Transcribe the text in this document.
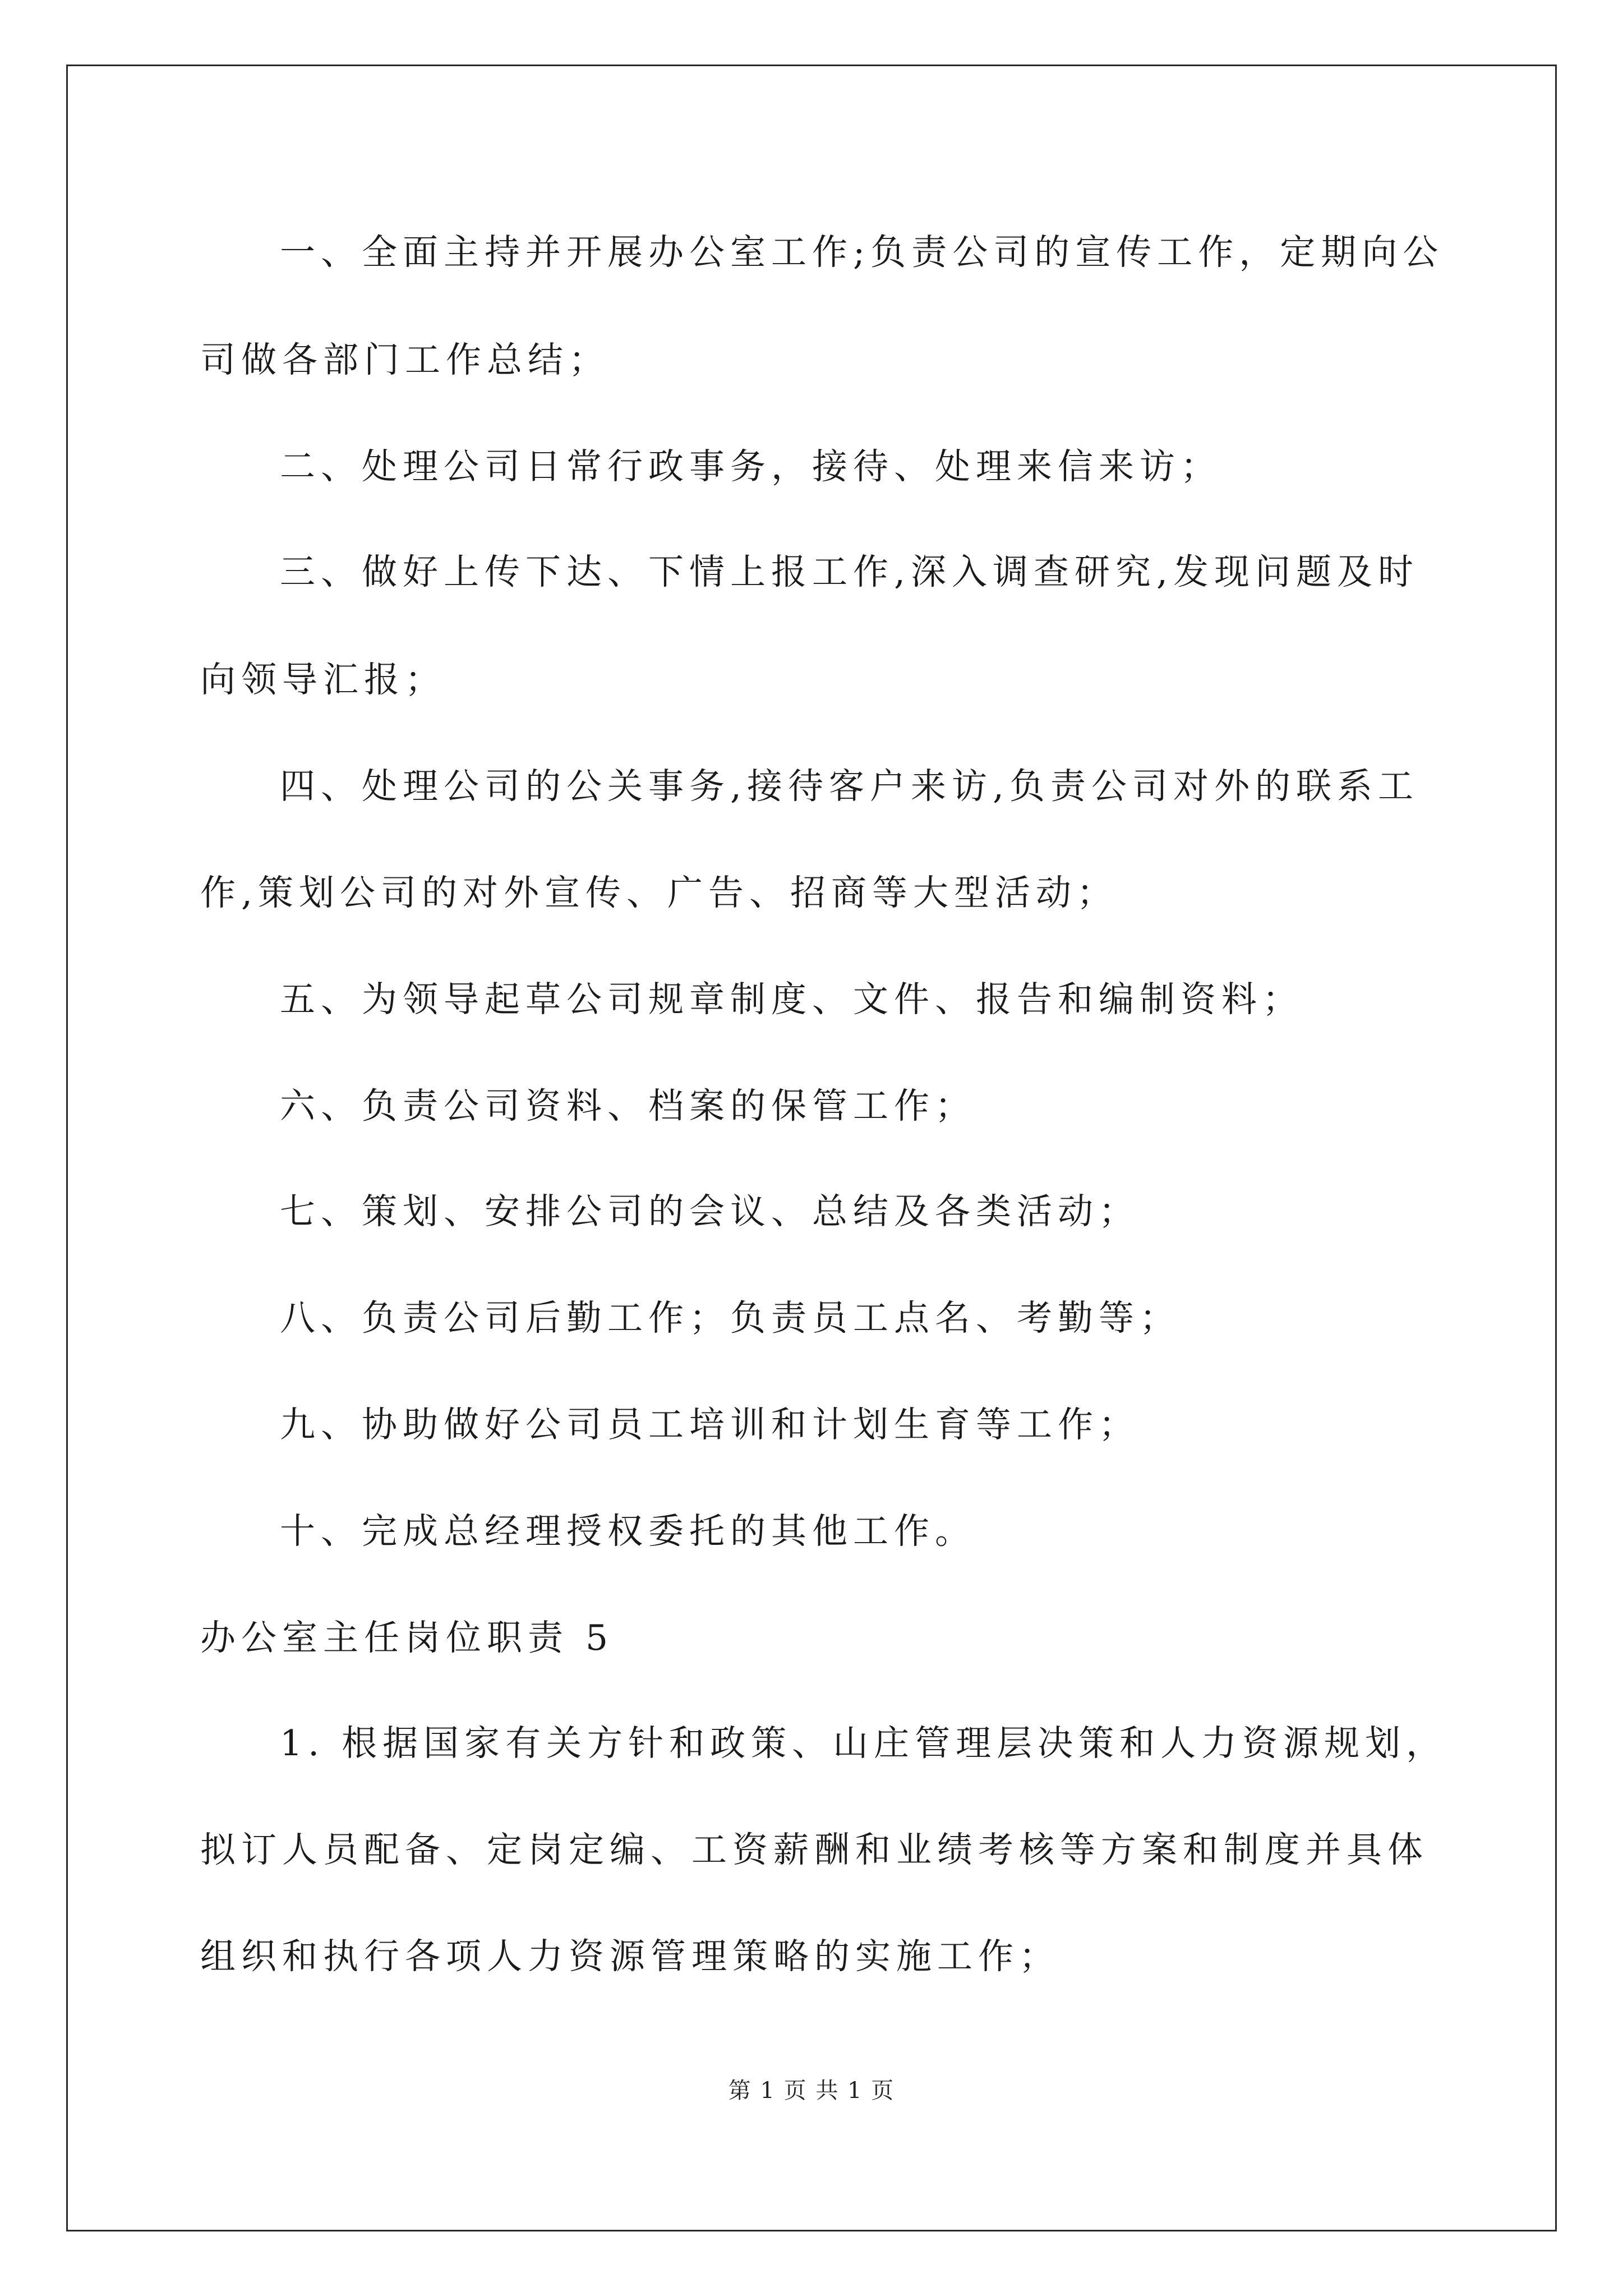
一、全面主持并开展办公室工作;负责公司的宣传工作，定期向公
司做各部门工作总结；
二、处理公司日常行政事务，接待、处理来信来访；
三、做好上传下达、下情上报工作,深入调查研究,发现问题及时
向领导汇报；
四、处理公司的公关事务,接待客户来访,负责公司对外的联系工
作,策划公司的对外宣传、广告、招商等大型活动；
五、为领导起草公司规章制度、文件、报告和编制资料；
六、负责公司资料、档案的保管工作；
七、策划、安排公司的会议、总结及各类活动；
八、负责公司后勤工作；负责员工点名、考勤等；
九、协助做好公司员工培训和计划生育等工作；
十、完成总经理授权委托的其他工作。
办公室主任岗位职责 5
1. 根据国家有关方针和政策、山庄管理层决策和人力资源规划，
拟订人员配备、定岗定编、工资薪酬和业绩考核等方案和制度并具体
组织和执行各项人力资源管理策略的实施工作；
第 1 页 共 1 页
